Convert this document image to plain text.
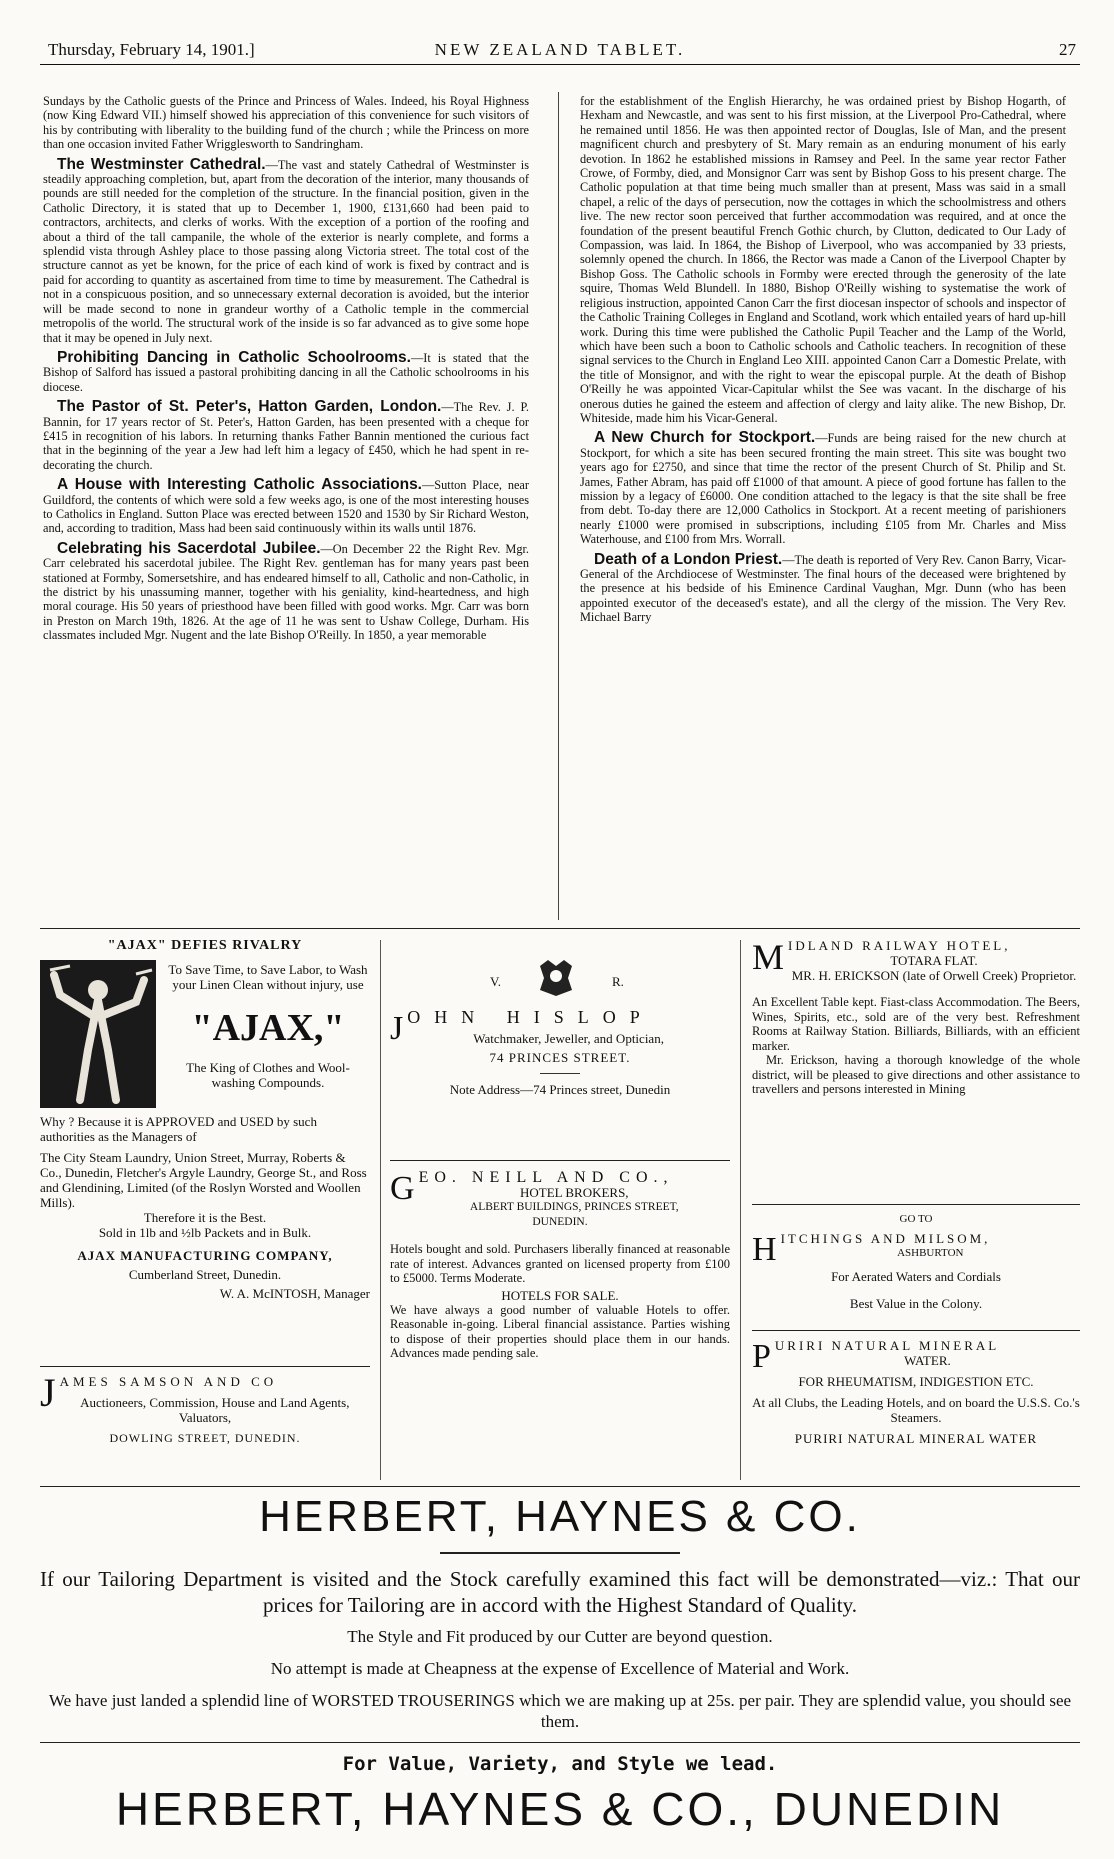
NEW ZEALAND TABLET.
Thursday, February 14, 1901.]	27

Sundays by the Catholic guests of the Prince and Princess of Wales. Indeed, his Royal Highness (now King Edward VII.) himself showed his appreciation of this convenience for such visitors of his by contributing with liberality to the building fund of the church ; while the Princess on more than one occasion invited Father Wrigglesworth to Sandringham.

The Westminster Cathedral.—The vast and stately Cathedral of Westminster is steadily approaching completion, but, apart from the decoration of the interior, many thousands of pounds are still needed for the completion of the structure. In the financial position, given in the Catholic Directory, it is stated that up to December 1, 1900, £131,660 had been paid to contractors, architects, and clerks of works. With the exception of a portion of the roofing and about a third of the tall campanile, the whole of the exterior is nearly complete, and forms a splendid vista through Ashley place to those passing along Victoria street. The total cost of the structure cannot as yet be known, for the price of each kind of work is fixed by contract and is paid for according to quantity as ascertained from time to time by measurement. The Cathedral is not in a conspicuous position, and so unnecessary external decoration is avoided, but the interior will be made second to none in grandeur worthy of a Catholic temple in the commercial metropolis of the world. The structural work of the inside is so far advanced as to give some hope that it may be opened in July next.

Prohibiting Dancing in Catholic Schoolrooms.—It is stated that the Bishop of Salford has issued a pastoral prohibiting dancing in all the Catholic schoolrooms in his diocese.

The Pastor of St. Peter's, Hatton Garden, London.—The Rev. J. P. Bannin, for 17 years rector of St. Peter's, Hatton Garden, has been presented with a cheque for £415 in recognition of his labors. In returning thanks Father Bannin mentioned the curious fact that in the beginning of the year a Jew had left him a legacy of £450, which he had spent in re-decorating the church.

A House with Interesting Catholic Associations.—Sutton Place, near Guildford, the contents of which were sold a few weeks ago, is one of the most interesting houses to Catholics in England. Sutton Place was erected between 1520 and 1530 by Sir Richard Weston, and, according to tradition, Mass had been said continuously within its walls until 1876.

Celebrating his Sacerdotal Jubilee.—On December 22 the Right Rev. Mgr. Carr celebrated his sacerdotal jubilee. The Right Rev. gentleman has for many years past been stationed at Formby, Somersetshire, and has endeared himself to all, Catholic and non-Catholic, in the district by his unassuming manner, together with his geniality, kind-heartedness, and high moral courage. His 50 years of priesthood have been filled with good works. Mgr. Carr was born in Preston on March 19th, 1826. At the age of 11 he was sent to Ushaw College, Durham. His classmates included Mgr. Nugent and the late Bishop O'Reilly. In 1850, a year memorable

for the establishment of the English Hierarchy, he was ordained priest by Bishop Hogarth, of Hexham and Newcastle, and was sent to his first mission, at the Liverpool Pro-Cathedral, where he remained until 1856. He was then appointed rector of Douglas, Isle of Man, and the present magnificent church and presbytery of St. Mary remain as an enduring monument of his early devotion. In 1862 he established missions in Ramsey and Peel. In the same year rector Father Crowe, of Formby, died, and Monsignor Carr was sent by Bishop Goss to his present charge. The Catholic population at that time being much smaller than at present, Mass was said in a small chapel, a relic of the days of persecution, now the cottages in which the schoolmistress and others live. The new rector soon perceived that further accommodation was required, and at once the foundation of the present beautiful French Gothic church, by Clutton, dedicated to Our Lady of Compassion, was laid. In 1864, the Bishop of Liverpool, who was accompanied by 33 priests, solemnly opened the church. In 1866, the Rector was made a Canon of the Liverpool Chapter by Bishop Goss. The Catholic schools in Formby were erected through the generosity of the late squire, Thomas Weld Blundell. In 1880, Bishop O'Reilly wishing to systematise the work of religious instruction, appointed Canon Carr the first diocesan inspector of schools and inspector of the Catholic Training Colleges in England and Scotland, work which entailed years of hard up-hill work. During this time were published the Catholic Pupil Teacher and the Lamp of the World, which have been such a boon to Catholic schools and Catholic teachers. In recognition of these signal services to the Church in England Leo XIII. appointed Canon Carr a Domestic Prelate, with the title of Monsignor, and with the right to wear the episcopal purple. At the death of Bishop O'Reilly he was appointed Vicar-Capitular whilst the See was vacant. In the discharge of his onerous duties he gained the esteem and affection of clergy and laity alike. The new Bishop, Dr. Whiteside, made him his Vicar-General.

A New Church for Stockport.—Funds are being raised for the new church at Stockport, for which a site has been secured fronting the main street. This site was bought two years ago for £2750, and since that time the rector of the present Church of St. Philip and St. James, Father Abram, has paid off £1000 of that amount. A piece of good fortune has fallen to the mission by a legacy of £6000. One condition attached to the legacy is that the site shall be free from debt. To-day there are 12,000 Catholics in Stockport. At a recent meeting of parishioners nearly £1000 were promised in subscriptions, including £105 from Mr. Charles and Miss Waterhouse, and £100 from Mrs. Worrall.

Death of a London Priest.—The death is reported of Very Rev. Canon Barry, Vicar-General of the Archdiocese of Westminster. The final hours of the deceased were brightened by the presence at his bedside of his Eminence Cardinal Vaughan, Mgr. Dunn (who has been appointed executor of the deceased's estate), and all the clergy of the mission. The Very Rev. Michael Barry

"AJAX" DEFIES RIVALRY
To Save Time, to Save Labor, to Wash your Linen Clean without injury, use
"AJAX,"
The King of Clothes and Wool-washing Compounds.
Why ? Because it is APPROVED and USED by such authorities as the Managers of
The City Steam Laundry, Union Street, Murray, Roberts & Co., Dunedin, Fletcher's Argyle Laundry, George St., and Ross and Glendining, Limited (of the Roslyn Worsted and Woollen Mills).
Therefore it is the Best.
Sold in 1lb and ½lb Packets and in Bulk.
AJAX MANUFACTURING COMPANY,
Cumberland Street, Dunedin.
W. A. McINTOSH, Manager
JAMES SAMSON AND CO
Auctioneers, Commission, House and Land Agents, Valuators,
DOWLING STREET, DUNEDIN.
V.	R.
JOHN HISLOP
Watchmaker, Jeweller, and Optician,
74 PRINCES STREET.
Note Address—74 Princes street, Dunedin
GEO. NEILL AND CO.,
HOTEL BROKERS,
ALBERT BUILDINGS, PRINCES STREET,
DUNEDIN.
Hotels bought and sold. Purchasers liberally financed at reasonable rate of interest. Advances granted on licensed property from £100 to £5000. Terms Moderate.
HOTELS FOR SALE.
We have always a good number of valuable Hotels to offer. Reasonable in-going. Liberal financial assistance. Parties wishing to dispose of their properties should place them in our hands. Advances made pending sale.
MIDLAND RAILWAY HOTEL,
TOTARA FLAT.
MR. H. ERICKSON (late of Orwell Creek) Proprietor.
An Excellent Table kept. Fiast-class Accommodation. The Beers, Wines, Spirits, etc., sold are of the very best. Refreshment Rooms at Railway Station. Billiards, Billiards, with an efficient marker.
Mr. Erickson, having a thorough knowledge of the whole district, will be pleased to give directions and other assistance to travellers and persons interested in Mining
GO TO
HITCHINGS AND MILSOM,
ASHBURTON
For Aerated Waters and Cordials
Best Value in the Colony.
PURIRI NATURAL MINERAL
WATER.
FOR RHEUMATISM, INDIGESTION ETC.
At all Clubs, the Leading Hotels, and on board the U.S.S. Co.'s Steamers.
PURIRI NATURAL MINERAL WATER
HERBERT, HAYNES & CO.
If our Tailoring Department is visited and the Stock carefully examined this fact will be demonstrated—viz.: That our prices for Tailoring are in accord with the Highest Standard of Quality.
The Style and Fit produced by our Cutter are beyond question.
No attempt is made at Cheapness at the expense of Excellence of Material and Work.
We have just landed a splendid line of WORSTED TROUSERINGS which we are making up at 25s. per pair. They are splendid value, you should see them.
For Value, Variety, and Style we lead.
HERBERT, HAYNES & CO., DUNEDIN
